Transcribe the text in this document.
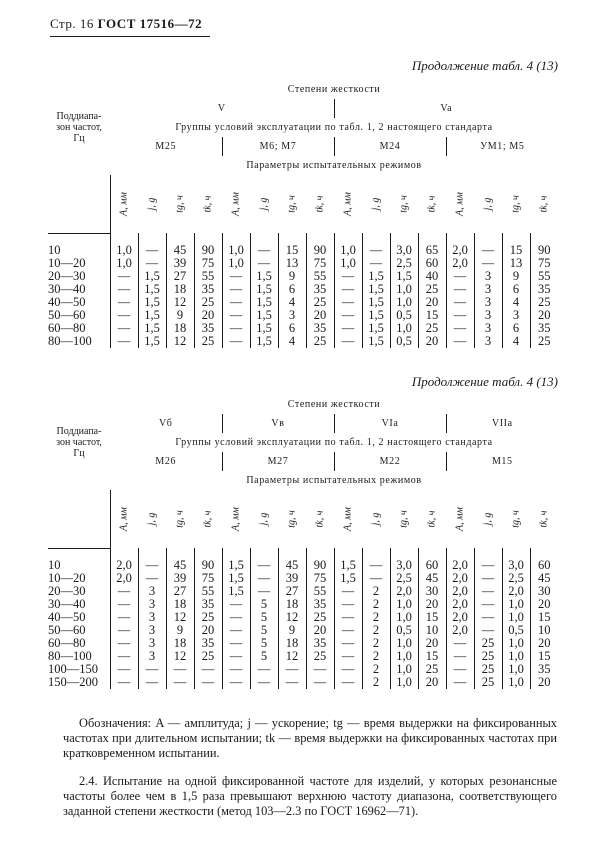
Стр. 16 ГОСТ 17516—72
Продолжение табл. 4 (13)
Поддиапа-
зон частот,
Гц	Степени жесткости															
	V								Va							
	Группы условий эксплуатации по табл. 1, 2 настоящего стандарта															
	M25				M6; M7				M24				УМ1; M5			
	Параметры испытательных режимов															

	A, мм	j, g	tg, ч	tk, ч	A, мм	j, g	tg, ч	tk, ч	A, мм	j, g	tg, ч	tk, ч	A, мм	j, g	tg, ч	tk, ч

10	1,0	—	45	90	1,0	—	15	90	1,0	—	3,0	65	2,0	—	15	90
10—20	1,0	—	39	75	1,0	—	13	75	1,0	—	2,5	60	2,0	—	13	75
20—30	—	1,5	27	55	—	1,5	9	55	—	1,5	1,5	40	—	3	9	55
30—40	—	1,5	18	35	—	1,5	6	35	—	1,5	1,0	25	—	3	6	35
40—50	—	1,5	12	25	—	1,5	4	25	—	1,5	1,0	20	—	3	4	25
50—60	—	1,5	9	20	—	1,5	3	20	—	1,5	0,5	15	—	3	3	20
60—80	—	1,5	18	35	—	1,5	6	35	—	1,5	1,0	25	—	3	6	35
80—100	—	1,5	12	25	—	1,5	4	25	—	1,5	0,5	20	—	3	4	25
Продолжение табл. 4 (13)
Поддиапа-
зон частот,
Гц	Степени жесткости															
	Vб				Vв				VIa				VIIa			
	Группы условий эксплуатации по табл. 1, 2 настоящего стандарта															
	M26				M27				M22				M15			
	Параметры испытательных режимов															

	A, мм	j, g	tg, ч	tk, ч	A, мм	j, g	tg, ч	tk, ч	A, мм	j, g	tg, ч	tk, ч	A, мм	j, g	tg, ч	tk, ч

10	2,0	—	45	90	1,5	—	45	90	1,5	—	3,0	60	2,0	—	3,0	60
10—20	2,0	—	39	75	1,5	—	39	75	1,5	—	2,5	45	2,0	—	2,5	45
20—30	—	3	27	55	1,5	—	27	55	—	2	2,0	30	2,0	—	2,0	30
30—40	—	3	18	35	—	5	18	35	—	2	1,0	20	2,0	—	1,0	20
40—50	—	3	12	25	—	5	12	25	—	2	1,0	15	2,0	—	1,0	15
50—60	—	3	9	20	—	5	9	20	—	2	0,5	10	2,0	—	0,5	10
60—80	—	3	18	35	—	5	18	35	—	2	1,0	20	—	25	1,0	20
80—100	—	3	12	25	—	5	12	25	—	2	1,0	15	—	25	1,0	15
100—150	—	—	—	—	—	—	—	—	—	2	1,0	25	—	25	1,0	35
150—200	—	—	—	—	—	—	—	—	—	2	1,0	20	—	25	1,0	20
Обозначения: A — амплитуда; j — ускорение; tg — время выдержки на фиксированных частотах при длительном испытании; tk — время выдержки на фиксированных частотах при кратковременном испытании.
2.4. Испытание на одной фиксированной частоте для изделий, у которых резонансные частоты более чем в 1,5 раза превышают верхнюю частоту диапазона, соответствующего заданной степени жесткости (метод 103—2.3 по ГОСТ 16962—71).
